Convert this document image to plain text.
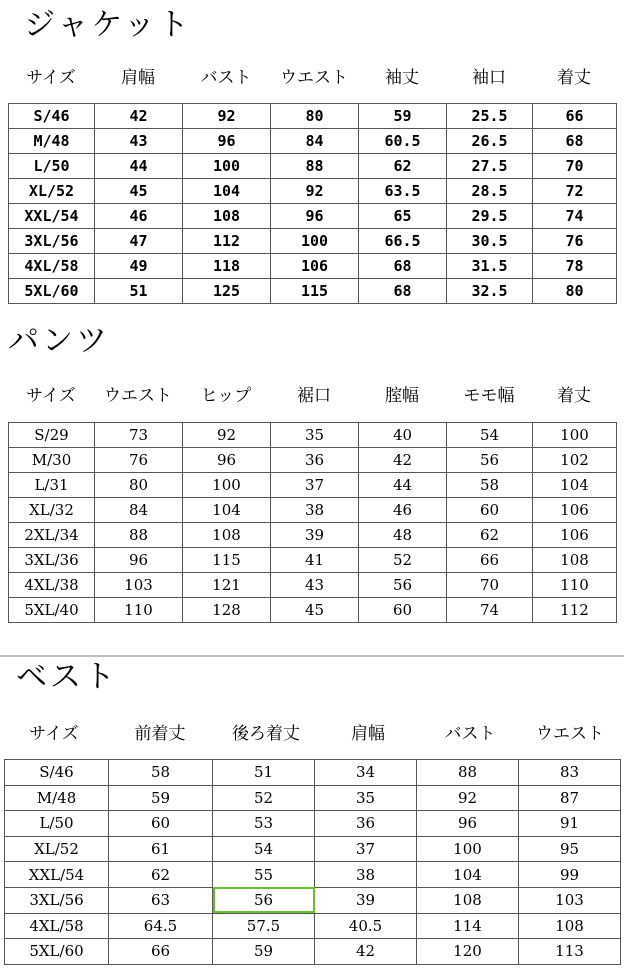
ジャケット
サイズ	肩幅	バスト	ウエスト	袖丈	袖口	着丈
S/46	42	92	80	59	25.5	66
M/48	43	96	84	60.5	26.5	68
L/50	44	100	88	62	27.5	70
XL/52	45	104	92	63.5	28.5	72
XXL/54	46	108	96	65	29.5	74
3XL/56	47	112	100	66.5	30.5	76
4XL/58	49	118	106	68	31.5	78
5XL/60	51	125	115	68	32.5	80
パンツ
サイズ	ウエスト	ヒップ	裾口	腟幅	モモ幅	着丈
S/29	73	92	35	40	54	100
M/30	76	96	36	42	56	102
L/31	80	100	37	44	58	104
XL/32	84	104	38	46	60	106
2XL/34	88	108	39	48	62	106
3XL/36	96	115	41	52	66	108
4XL/38	103	121	43	56	70	110
5XL/40	110	128	45	60	74	112
ベスト
サイズ	前着丈	後ろ着丈	肩幅	バスト	ウエスト
S/46	58	51	34	88	83
M/48	59	52	35	92	87
L/50	60	53	36	96	91
XL/52	61	54	37	100	95
XXL/54	62	55	38	104	99
3XL/56	63	56	39	108	103
4XL/58	64.5	57.5	40.5	114	108
5XL/60	66	59	42	120	113
